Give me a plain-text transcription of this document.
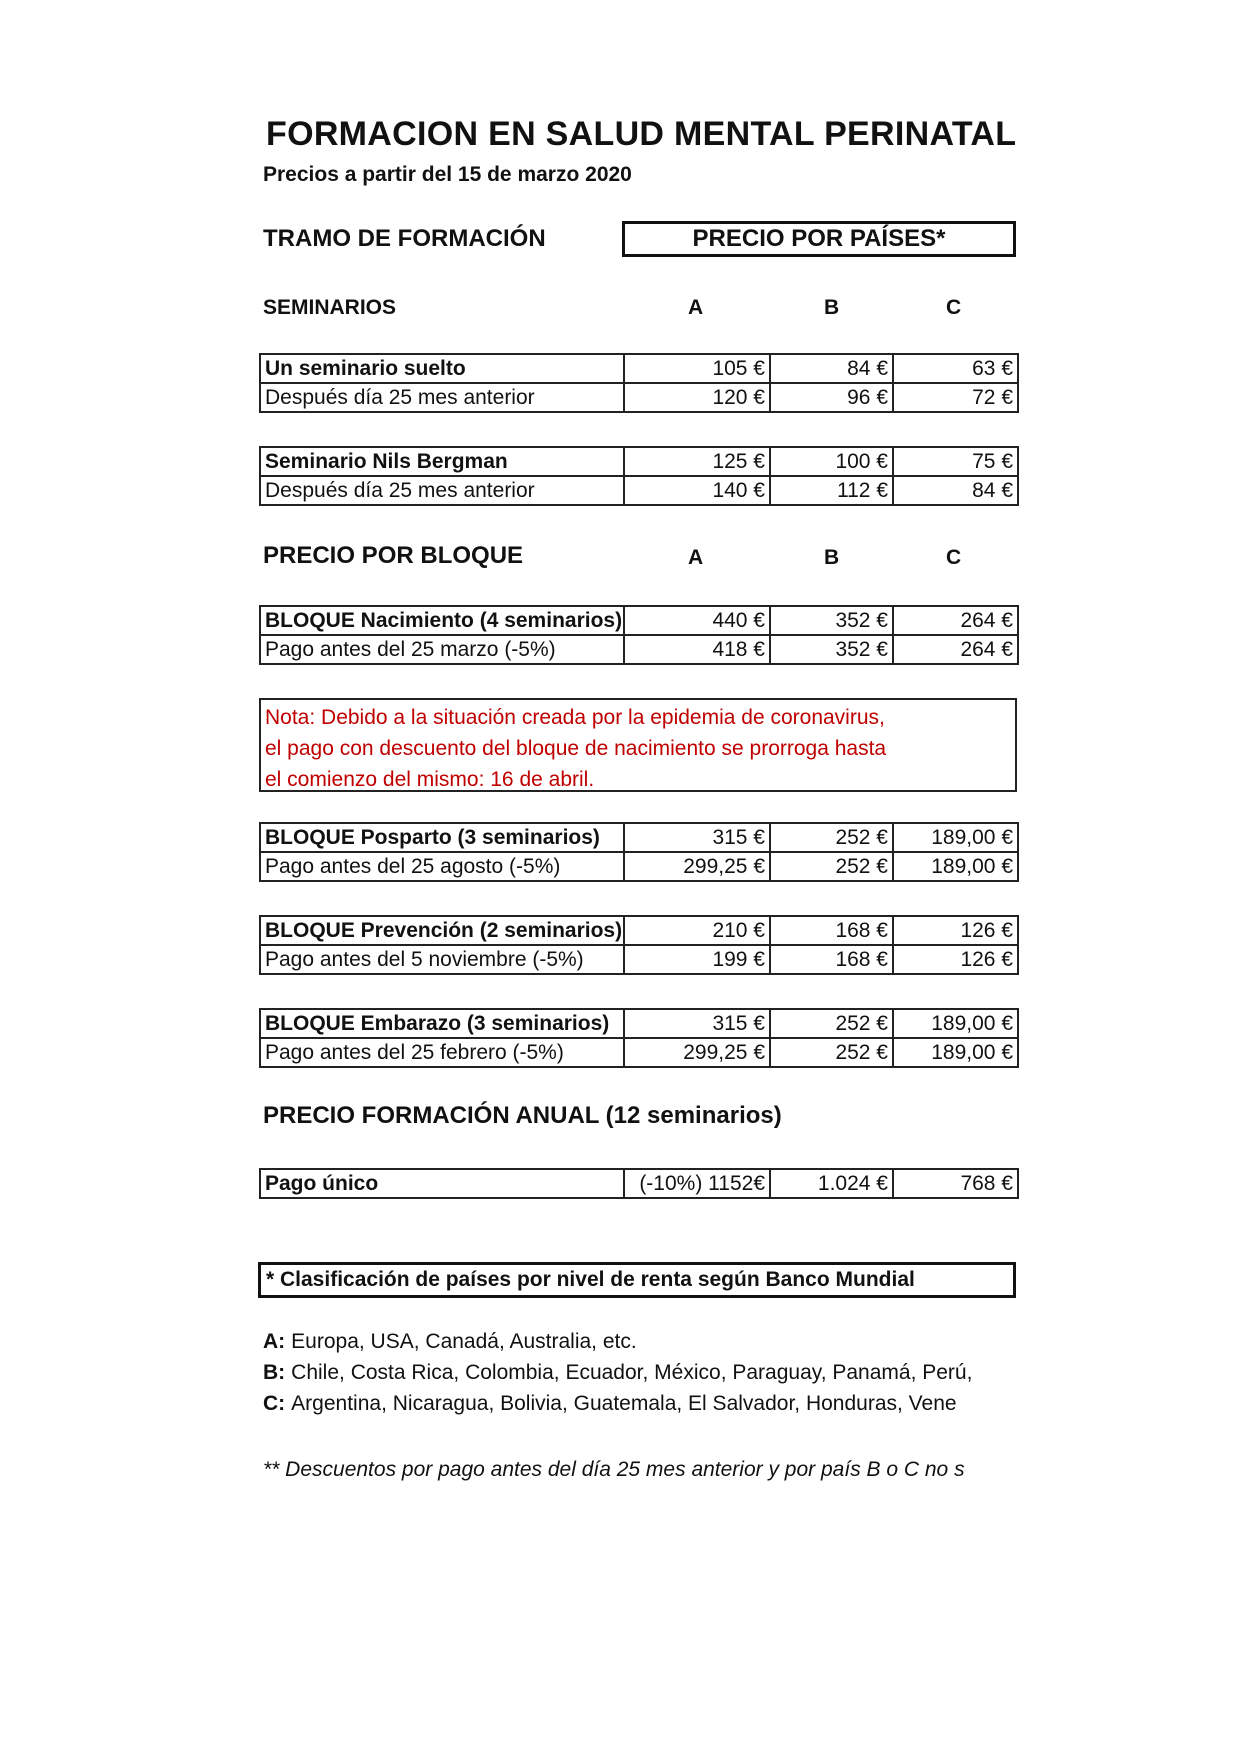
FORMACION EN SALUD MENTAL PERINATAL
Precios a partir del 15 de marzo 2020
TRAMO DE FORMACIÓN	PRECIO POR PAÍSES*
SEMINARIOS	A	B	C
Un seminario suelto	105 €	84 €	63 €
Después día 25 mes anterior	120 €	96 €	72 €
Seminario Nils Bergman	125 €	100 €	75 €
Después día 25 mes anterior	140 €	112 €	84 €
PRECIO POR BLOQUE	A	B	C
BLOQUE Nacimiento (4 seminarios)	440 €	352 €	264 €
Pago antes del 25 marzo (-5%)	418 €	352 €	264 €
Nota: Debido a la situación creada por la epidemia de coronavirus,
el pago con descuento del bloque de nacimiento se prorroga hasta
el comienzo del mismo: 16 de abril.
BLOQUE Posparto (3 seminarios)	315 €	252 €	189,00 €
Pago antes del 25 agosto (-5%)	299,25 €	252 €	189,00 €
BLOQUE Prevención (2 seminarios)	210 €	168 €	126 €
Pago antes del 5 noviembre (-5%)	199 €	168 €	126 €
BLOQUE Embarazo (3 seminarios)	315 €	252 €	189,00 €
Pago antes del 25 febrero (-5%)	299,25 €	252 €	189,00 €
PRECIO FORMACIÓN ANUAL (12 seminarios)
Pago único	(-10%) 1152€	1.024 €	768 €
* Clasificación de países por nivel de renta según Banco Mundial
A: Europa, USA, Canadá, Australia, etc.
B: Chile, Costa Rica, Colombia, Ecuador, México, Paraguay, Panamá, Perú,
C: Argentina, Nicaragua, Bolivia, Guatemala, El Salvador, Honduras, Vene
** Descuentos por pago antes del día 25 mes anterior y por país B o C no s
